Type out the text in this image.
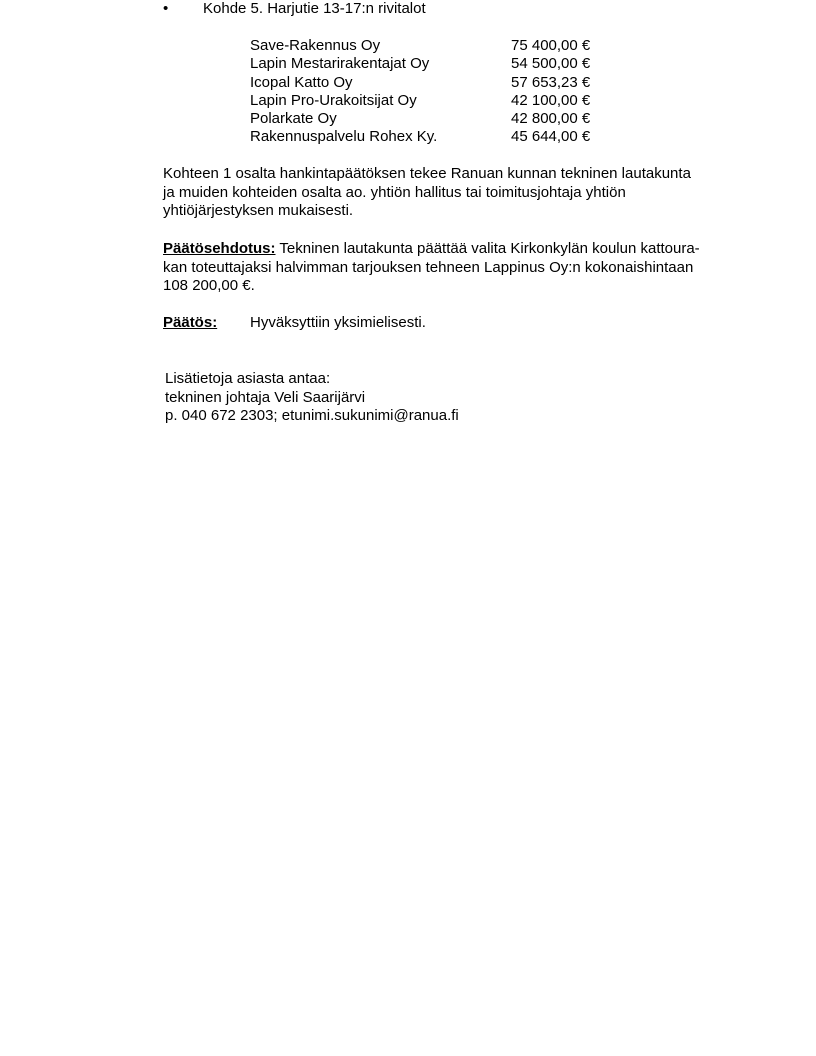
•	Kohde 5. Harjutie 13-17:n rivitalot
Save-Rakennus Oy	75 400,00 €
Lapin Mestarirakentajat Oy	54 500,00 €
Icopal Katto Oy	57 653,23 €
Lapin Pro-Urakoitsijat Oy	42 100,00 €
Polarkate Oy	42 800,00 €
Rakennuspalvelu Rohex Ky.	45 644,00 €

Kohteen 1 osalta hankintapäätöksen tekee Ranuan kunnan tekninen lautakunta
ja muiden kohteiden osalta ao. yhtiön hallitus tai toimitusjohtaja yhtiön
yhtiöjärjestyksen mukaisesti.

Päätösehdotus: Tekninen lautakunta päättää valita Kirkonkylän koulun kattoura-
kan toteuttajaksi halvimman tarjouksen tehneen Lappinus Oy:n kokonaishintaan
108 200,00 €.

Päätös: Hyväksyttiin yksimielisesti.

Lisätietoja asiasta antaa:
tekninen johtaja Veli Saarijärvi
p. 040 672 2303; etunimi.sukunimi@ranua.fi
